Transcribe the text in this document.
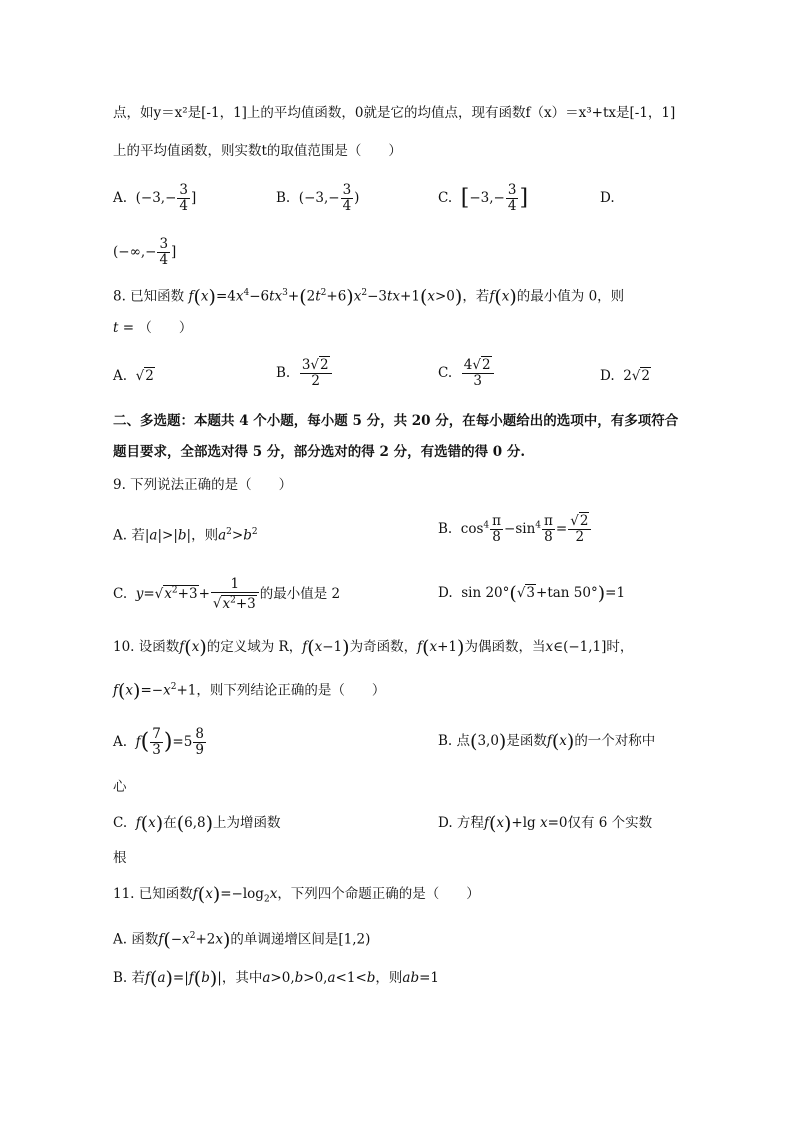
点，如y＝x²是[-1，1]上的平均值函数，0就是它的均值点，现有函数f（x）＝x³+tx是[-1，1]
上的平均值函数，则实数t的取值范围是（　　）
A.  ($-3,- \frac{3}{4}$ ]	B.  ($-3,- \frac{3}{4}$ )	C. [$-3,- \frac{3}{4}$ ]	D.
(−∞,− $\frac{3}{4}$ ]
8. 已知函数 $f(x)=4x^4-6tx^3+(2t^2+6)x^2-3tx+1(x>0)$，若f(x)的最小值为 0，则
t = （　　）
A.  √2	B. $\frac{3√2}{2}$	C. $\frac{4√2}{3}$	D.  2√2
二、多选题：本题共 4 个小题，每小题 5 分，共 20 分，在每小题给出的选项中，有多项符合
题目要求，全部选对得 5 分，部分选对的得 2 分，有选错的得 0 分.
9. 下列说法正确的是（　　）
A. 若|a|>|b|，则$a^2>b^2$	B.  $\cos^4 \frac{\pi}{8} -\sin^4 \frac{\pi}{8} = \frac{√2}{2}$
C. $y=√x^2+3+ \frac{1}{√x^2+3}$ 的最小值是 2	D.  sin 20°(√3+tan 50°)=1
10. 设函数f(x)的定义域为 R，f(x−1)为奇函数，f(x+1)为偶函数，当x∈(−1,1]时，
$f(x)=-x^2+1$，则下列结论正确的是（　　）
A. $f( \frac{7}{3} )=5 \frac{8}{9}$	B. 点(3,0)是函数f(x)的一个对称中
心
C. f(x)在(6,8)上为增函数	D. 方程f(x)+lg x=0仅有 6 个实数
根
11. 已知函数$f(x)=-\log_2x$，下列四个命题正确的是（　　）
A. 函数$f(-x^2+2x)$的单调递增区间是[1,2)
B. 若f(a)=|f(b)|，其中a>0,b>0,a<1<b，则ab=1
